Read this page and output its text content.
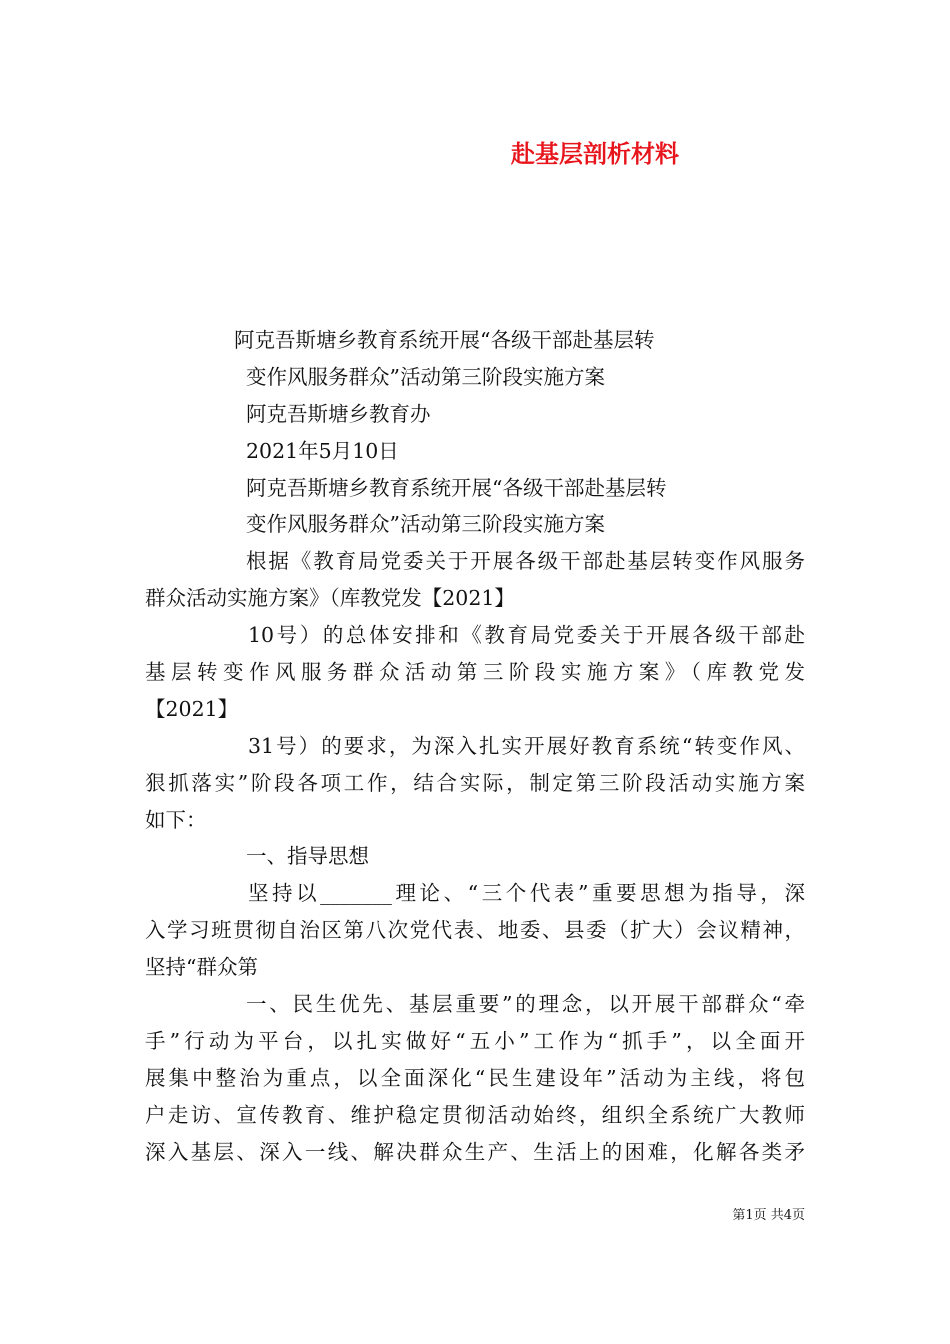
赴基层剖析材料
阿克吾斯塘乡教育系统开展“各级干部赴基层转
变作风服务群众”活动第三阶段实施方案
阿克吾斯塘乡教育办
2021年5月10日
阿克吾斯塘乡教育系统开展“各级干部赴基层转
变作风服务群众”活动第三阶段实施方案
根据《教育局党委关于开展各级干部赴基层转变作风服务
群众活动实施方案》（库教党发【2021】
10号）的总体安排和《教育局党委关于开展各级干部赴
基层转变作风服务群众活动第三阶段实施方案》（库教党发
【2021】
31号）的要求，为深入扎实开展好教育系统“转变作风、
狠抓落实”阶段各项工作，结合实际，制定第三阶段活动实施方案
如下：
一、指导思想
坚持以_______理论、“三个代表”重要思想为指导，深
入学习班贯彻自治区第八次党代表、地委、县委（扩大）会议精神，
坚持“群众第
一、民生优先、基层重要”的理念，以开展干部群众“牵
手”行动为平台，以扎实做好“五小”工作为“抓手”，以全面开
展集中整治为重点，以全面深化“民生建设年”活动为主线，将包
户走访、宣传教育、维护稳定贯彻活动始终，组织全系统广大教师
深入基层、深入一线、解决群众生产、生活上的困难，化解各类矛
第1页 共4页
